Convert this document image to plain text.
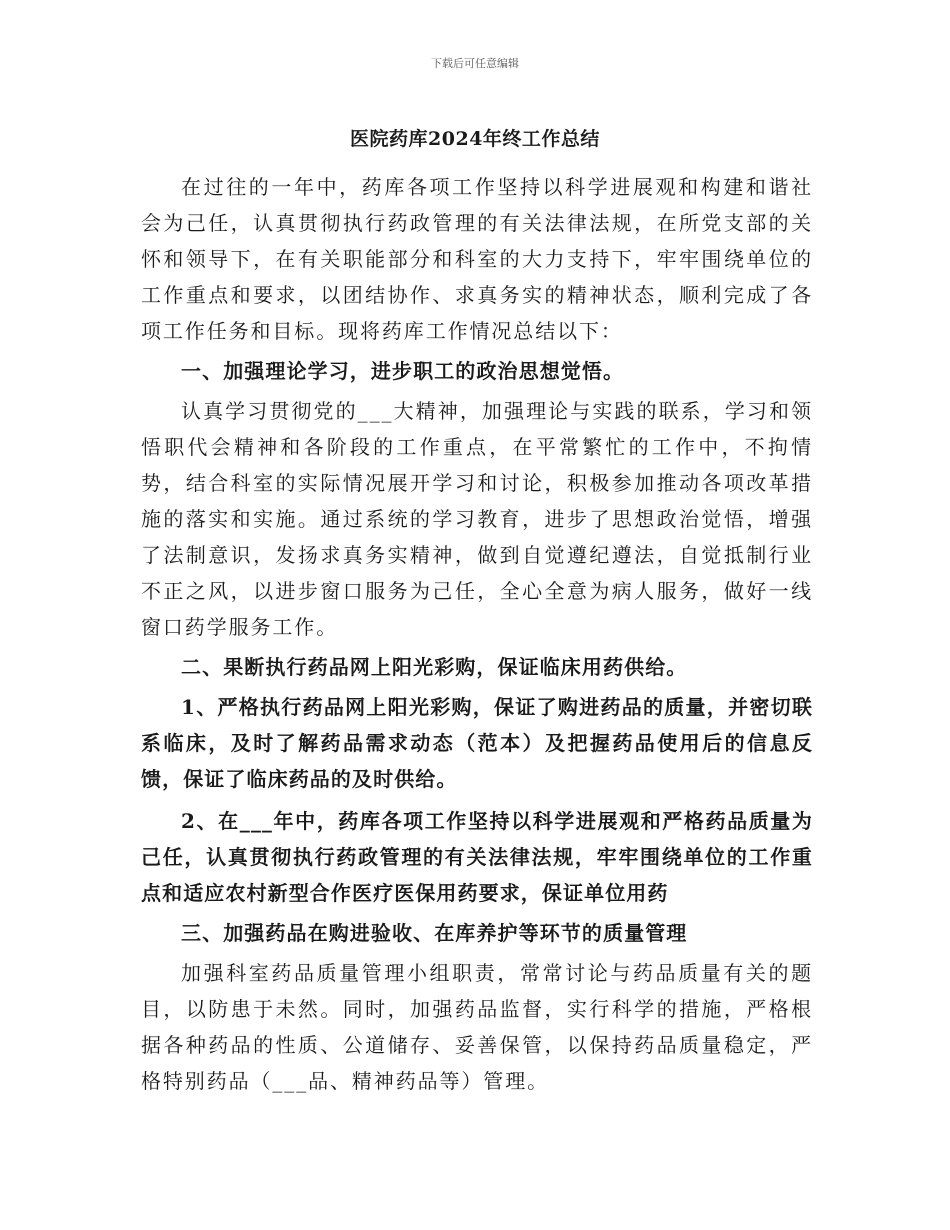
下载后可任意编辑
医院药库2024年终工作总结

在过往的一年中，药库各项工作坚持以科学进展观和构建和谐社会为己任，认真贯彻执行药政管理的有关法律法规，在所党支部的关怀和领导下，在有关职能部分和科室的大力支持下，牢牢围绕单位的工作重点和要求，以团结协作、求真务实的精神状态，顺利完成了各项工作任务和目标。现将药库工作情况总结以下：

一、加强理论学习，进步职工的政治思想觉悟。

认真学习贯彻党的___大精神，加强理论与实践的联系，学习和领悟职代会精神和各阶段的工作重点，在平常繁忙的工作中，不拘情势，结合科室的实际情况展开学习和讨论，积极参加推动各项改革措施的落实和实施。通过系统的学习教育，进步了思想政治觉悟，增强了法制意识，发扬求真务实精神，做到自觉遵纪遵法，自觉抵制行业不正之风，以进步窗口服务为己任，全心全意为病人服务，做好一线窗口药学服务工作。

二、果断执行药品网上阳光彩购，保证临床用药供给。

1、严格执行药品网上阳光彩购，保证了购进药品的质量，并密切联系临床，及时了解药品需求动态（范本）及把握药品使用后的信息反馈，保证了临床药品的及时供给。

2、在___年中，药库各项工作坚持以科学进展观和严格药品质量为己任，认真贯彻执行药政管理的有关法律法规，牢牢围绕单位的工作重点和适应农村新型合作医疗医保用药要求，保证单位用药

三、加强药品在购进验收、在库养护等环节的质量管理

加强科室药品质量管理小组职责，常常讨论与药品质量有关的题目，以防患于未然。同时，加强药品监督，实行科学的措施，严格根据各种药品的性质、公道储存、妥善保管，以保持药品质量稳定，严格特别药品（___品、精神药品等）管理。
